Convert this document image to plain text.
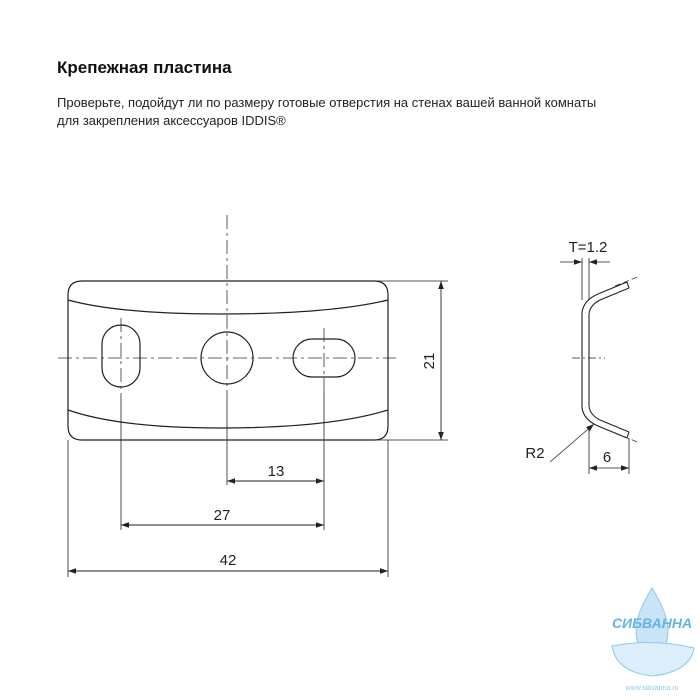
Крепежная пластина

Проверьте, подойдут ли по размеру готовые отверстия на стенах вашей ванной комнаты
для закрепления аксессуаров IDDIS®

13
27
42
21
T=1.2
R2	6
СИБВАННА
www.sibvanna.ru
